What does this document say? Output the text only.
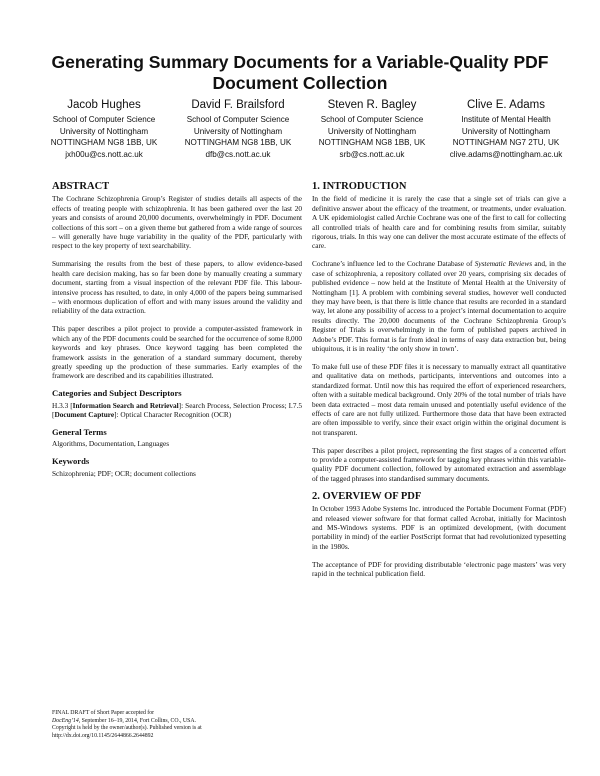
Generating Summary Documents for a Variable-Quality PDF Document Collection
Jacob Hughes
School of Computer Science
University of Nottingham
NOTTINGHAM NG8 1BB, UK
jxh00u@cs.nott.ac.uk
David F. Brailsford
School of Computer Science
University of Nottingham
NOTTINGHAM NG8 1BB, UK
dfb@cs.nott.ac.uk
Steven R. Bagley
School of Computer Science
University of Nottingham
NOTTINGHAM NG8 1BB, UK
srb@cs.nott.ac.uk
Clive E. Adams
Institute of Mental Health
University of Nottingham
NOTTINGHAM NG7 2TU, UK
clive.adams@nottingham.ac.uk
ABSTRACT

The Cochrane Schizophrenia Group’s Register of studies details all aspects of the effects of treating people with schizophrenia. It has been gathered over the last 20 years and consists of around 20,000 documents, overwhelmingly in PDF. Document collections of this sort – on a given theme but gathered from a wide range of sources – will generally have huge variability in the quality of the PDF, particularly with respect to the key property of text searchability.

Summarising the results from the best of these papers, to allow evidence-based health care decision making, has so far been done by manually creating a summary document, starting from a visual inspection of the relevant PDF file. This labour-intensive process has resulted, to date, in only 4,000 of the papers being summarised – with enormous duplication of effort and with many issues around the validity and reliability of the data extraction.

This paper describes a pilot project to provide a computer-assisted framework in which any of the PDF documents could be searched for the occurrence of some 8,000 keywords and key phrases. Once keyword tagging has been completed the framework assists in the generation of a standard summary document, thereby greatly speeding up the production of these summaries. Early examples of the framework are described and its capabilities illustrated.

Categories and Subject Descriptors

H.3.3 [Information Search and Retrieval]: Search Process, Selection Process; I.7.5 [Document Capture]: Optical Character Recognition (OCR)

General Terms

Algorithms, Documentation, Languages

Keywords

Schizophrenia; PDF; OCR; document collections

FINAL DRAFT of Short Paper accepted for
DocEng’14, September 16–19, 2014, Fort Collins, CO., USA.
Copyright is held by the owner/author(s). Published version is at
http://dx.doi.org/10.1145/2644866.2644892
1. INTRODUCTION

In the field of medicine it is rarely the case that a single set of trials can give a definitive answer about the efficacy of the treatment, or treatments, under evaluation. A UK epidemiologist called Archie Cochrane was one of the first to call for collecting all controlled trials of health care and for combining results from similar, suitably rigorous, trials. In this way one can deliver the most accurate estimate of the effects of care.

Cochrane’s influence led to the Cochrane Database of Systematic Reviews and, in the case of schizophrenia, a repository collated over 20 years, comprising six decades of published evidence – now held at the Institute of Mental Health at the University of Nottingham [1]. A problem with combining several studies, however well conducted they may have been, is that there is little chance that results are recorded in a standard way, let alone any possibility of access to a project’s internal documentation to acquire results directly. The 20,000 documents of the Cochrane Schizophrenia Group’s Register of Trials is overwhelmingly in the form of published papers archived in Adobe’s PDF. This format is far from ideal in terms of easy data extraction but, being ubiquitous, it is in reality ‘the only show in town’.

To make full use of these PDF files it is necessary to manually extract all quantitative and qualitative data on methods, participants, interventions and outcomes into a standardized format. Until now this has required the effort of experienced researchers, often with a suitable medical background. Only 20% of the total number of trials have been data extracted – most data remain unused and potentially useful evidence of the effects of care are not fully utilized. Furthermore those data that have been extracted are often impossible to verify, since their exact origin within the original document is not transparent.

This paper describes a pilot project, representing the first stages of a concerted effort to provide a computer-assisted framework for tagging key phrases within this variable-quality PDF document collection, followed by automated extraction and assemblage of the tagged phrases into standardised summary documents.

2. OVERVIEW OF PDF

In October 1993 Adobe Systems Inc. introduced the Portable Document Format (PDF) and released viewer software for that format called Acrobat, initially for Macintosh and MS-Windows systems. PDF is an optimized development, (with document portability in mind) of the earlier PostScript format that had revolutionized typesetting in the 1980s.

The acceptance of PDF for providing distributable ‘electronic page masters’ was very rapid in the technical publication field.
